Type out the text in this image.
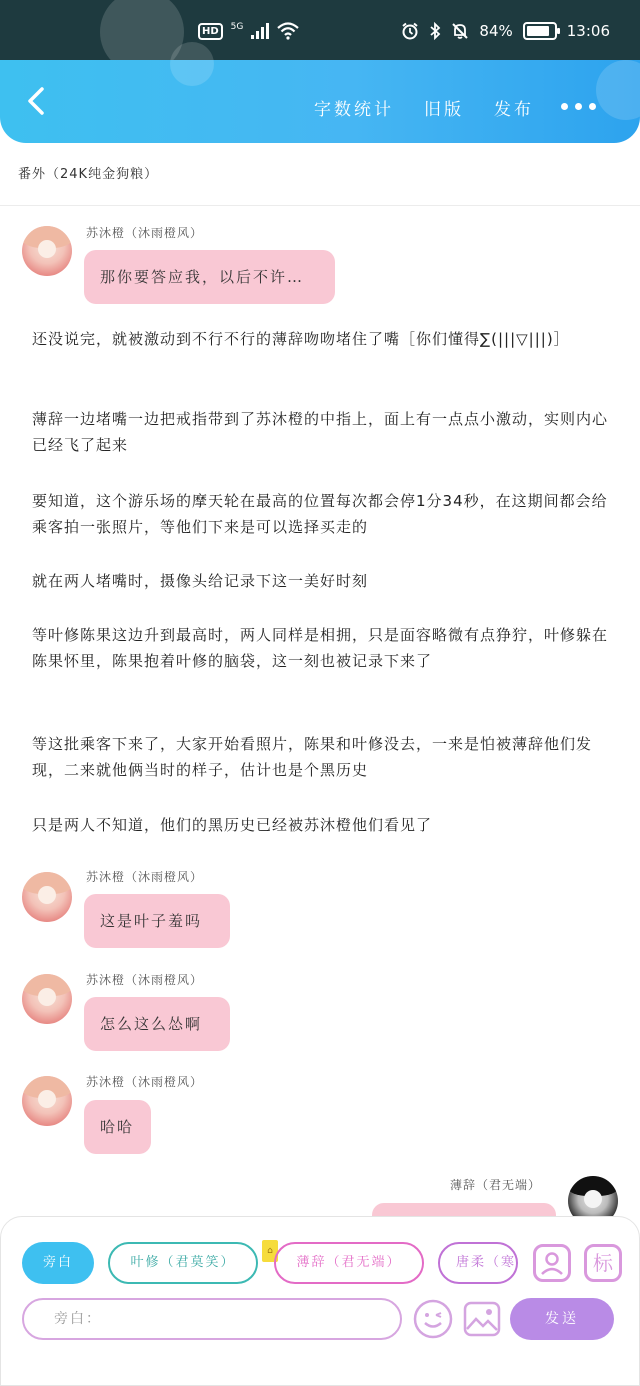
HD	5G	84%	13:06
字数统计 旧版 发布
番外（24K纯金狗粮）
苏沐橙（沐雨橙风）
那你要答应我，以后不许…
还没说完，就被激动到不行不行的薄辞吻吻堵住了嘴［你们懂得∑(|||▽|||)］
薄辞一边堵嘴一边把戒指带到了苏沐橙的中指上，面上有一点点小激动，实则内心已经飞了起来
要知道，这个游乐场的摩天轮在最高的位置每次都会停1分34秒，在这期间都会给乘客拍一张照片，等他们下来是可以选择买走的
就在两人堵嘴时，摄像头给记录下这一美好时刻
等叶修陈果这边升到最高时，两人同样是相拥，只是面容略微有点狰狞，叶修躲在陈果怀里，陈果抱着叶修的脑袋，这一刻也被记录下来了
等这批乘客下来了，大家开始看照片，陈果和叶修没去，一来是怕被薄辞他们发现，二来就他俩当时的样子，估计也是个黑历史
只是两人不知道，他们的黑历史已经被苏沐橙他们看见了
苏沐橙（沐雨橙风）
这是叶子羞吗
苏沐橙（沐雨橙风）
怎么这么怂啊
苏沐橙（沐雨橙风）
哈哈
薄辞（君无端）
旁白	叶修（君莫笑）
⌂
薄辞（君无端）	唐柔（寒	标
旁白：	发送
